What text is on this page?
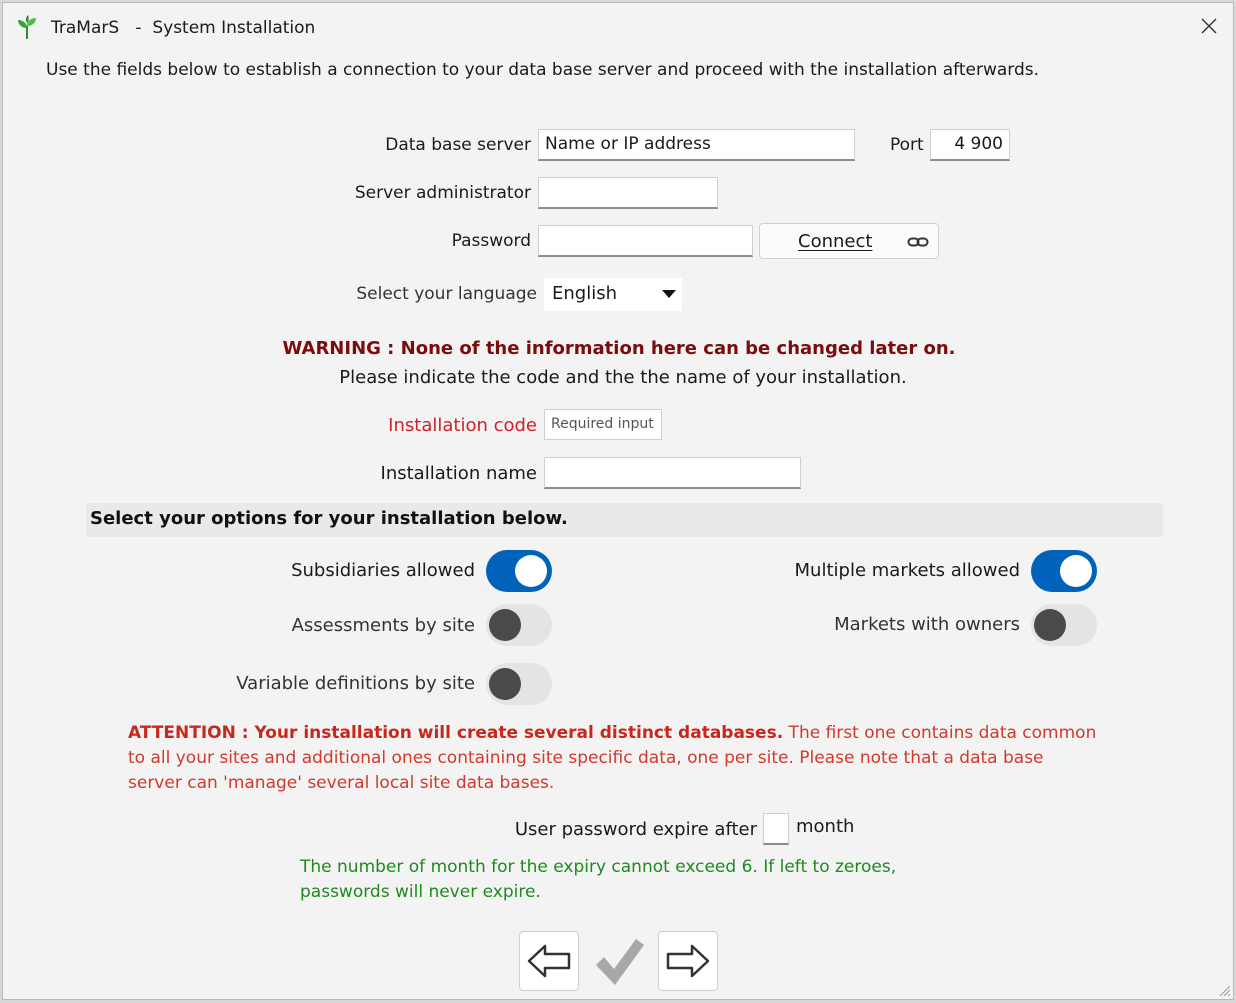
TraMarS - System Installation
Use the fields below to establish a connection to your data base server and proceed with the installation afterwards.
Data base server Name or IP address	Port	4 900
Server administrator
Password	Connect
Select your language English
WARNING : None of the information here can be changed later on.
Please indicate the code and the the name of your installation.
Installation code	Required input
Installation name
Select your options for your installation below.
Subsidiaries allowed	Multiple markets allowed
Assessments by site	Markets with owners
Variable definitions by site
ATTENTION : Your installation will create several distinct databases. The first one contains data common to all your sites and additional ones containing site specific data, one per site. Please note that a data base server can 'manage' several local site data bases.
User password expire after month
The number of month for the expiry cannot exceed 6. If left to zeroes, passwords will never expire.
